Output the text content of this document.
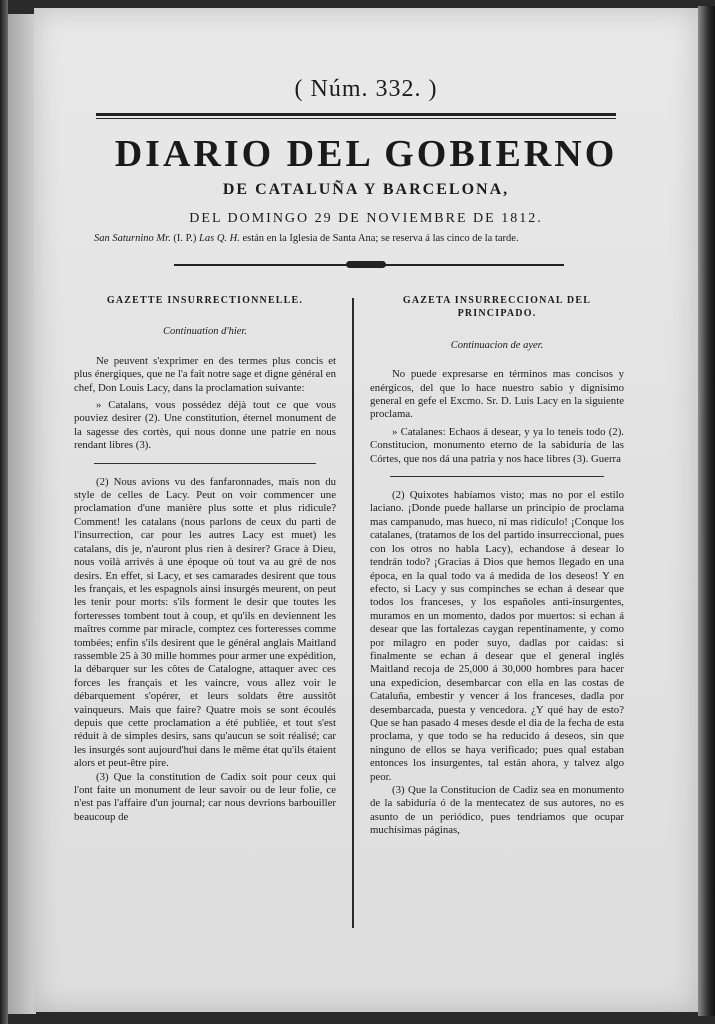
( Núm. 332. )
DIARIO DEL GOBIERNO
DE CATALUÑA Y BARCELONA,
DEL DOMINGO 29 DE NOVIEMBRE DE 1812.
San Saturnino Mr. (I. P.) Las Q. H. están en la Iglesia de Santa Ana; se reserva á las cinco de la tarde.
GAZETTE INSURRECTIONNELLE.
Continuation d'hier.

Ne peuvent s'exprimer en des termes plus concis et plus énergiques, que ne l'a fait notre sage et digne général en chef, Don Louis Lacy, dans la proclamation suivante:

» Catalans, vous possédez déjà tout ce que vous pouviez desirer (2). Une constitution, éternel monument de la sagesse des cortès, qui nous donne une patrie en nous rendant libres (3).

(2) Nous avions vu des fanfaronnades, mais non du style de celles de Lacy. Peut on voir commencer une proclamation d'une manière plus sotte et plus ridicule? Comment! les catalans (nous parlons de ceux du parti de l'insurrection, car pour les autres Lacy est muet) les catalans, dis je, n'auront plus rien à desirer? Grace à Dieu, nous voilà arrivés à une époque où tout va au gré de nos desirs. En effet, si Lacy, et ses camarades desirent que tous les français, et les espagnols ainsi insurgés meurent, on peut les tenir pour morts: s'ils forment le desir que toutes les forteresses tombent tout à coup, et qu'ils en deviennent les maîtres comme par miracle, comptez ces forteresses comme tombées; enfin s'ils desirent que le général anglais Maitland rassemble 25 à 30 mille hommes pour armer une expédition, la débarquer sur les côtes de Catalogne, attaquer avec ces forces les français et les vaincre, vous allez voir le débarquement s'opérer, et leurs soldats être aussitôt vainqueurs. Mais que faire? Quatre mois se sont écoulés depuis que cette proclamation a été publiée, et tout s'est réduit à de simples desirs, sans qu'aucun se soit réalisé; car les insurgés sont aujourd'hui dans le même état qu'ils étaient alors et peut-être pire.

(3) Que la constitution de Cadix soit pour ceux qui l'ont faite un monument de leur savoir ou de leur folie, ce n'est pas l'affaire d'un journal; car nous devrions barbouiller beaucoup de

GAZETA INSURRECCIONAL DEL PRINCIPADO.
Continuacion de ayer.

No puede expresarse en términos mas concisos y enérgicos, del que lo hace nuestro sabio y dignísimo general en gefe el Excmo. Sr. D. Luis Lacy en la siguiente proclama.

» Catalanes: Echaos á desear, y ya lo teneis todo (2). Constitucion, monumento eterno de la sabiduría de las Córtes, que nos dá una patria y nos hace libres (3). Guerra

(2) Quixotes habíamos visto; mas no por el estilo laciano. ¡Donde puede hallarse un principio de proclama mas campanudo, mas hueco, ni mas ridículo! ¡Conque los catalanes, (tratamos de los del partido insurreccional, pues con los otros no habla Lacy), echandose á desear lo tendrán todo? ¡Gracias á Dios que hemos llegado en una época, en la qual todo va á medida de los deseos! Y en efecto, si Lacy y sus compinches se echan á desear que todos los franceses, y los españoles anti-insurgentes, muramos en un momento, dados por muertos: si echan á desear que las fortalezas caygan repentinamente, y como por milagro en poder suyo, dadlas por caidas: si finalmente se echan á desear que el general inglés Maitland recoja de 25,000 á 30,000 hombres para hacer una expedicion, desembarcar con ella en las costas de Cataluña, embestir y vencer á los franceses, dadla por desembarcada, puesta y vencedora. ¿Y qué hay de esto? Que se han pasado 4 meses desde el dia de la fecha de esta proclama, y que todo se ha reducido á deseos, sin que ninguno de ellos se haya verificado; pues qual estaban entonces los insurgentes, tal están ahora, y talvez algo peor.

(3) Que la Constitucion de Cadiz sea en monumento de la sabiduría ó de la mentecatez de sus autores, no es asunto de un periódico, pues tendriamos que ocupar muchísimas páginas,
